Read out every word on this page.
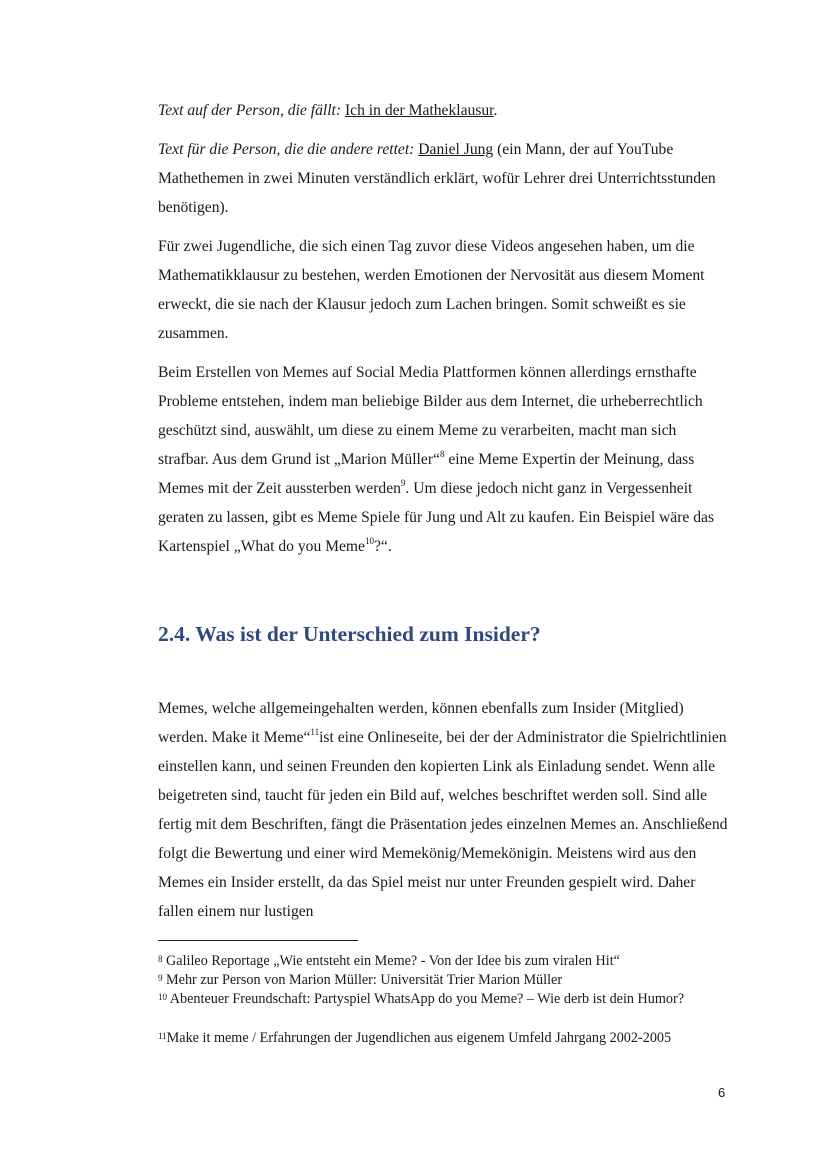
Text auf der Person, die fällt: Ich in der Matheklausur.

Text für die Person, die die andere rettet: Daniel Jung (ein Mann, der auf YouTube Mathethemen in zwei Minuten verständlich erklärt, wofür Lehrer drei Unterrichtsstunden benötigen).

Für zwei Jugendliche, die sich einen Tag zuvor diese Videos angesehen haben, um die Mathematikklausur zu bestehen, werden Emotionen der Nervosität aus diesem Moment erweckt, die sie nach der Klausur jedoch zum Lachen bringen. Somit schweißt es sie zusammen.

Beim Erstellen von Memes auf Social Media Plattformen können allerdings ernsthafte Probleme entstehen, indem man beliebige Bilder aus dem Internet, die urheberrechtlich geschützt sind, auswählt, um diese zu einem Meme zu verarbeiten, macht man sich strafbar. Aus dem Grund ist „Marion Müller“$^8$ eine Meme Expertin der Meinung, dass Memes mit der Zeit aussterben werden$^9$. Um diese jedoch nicht ganz in Vergessenheit geraten zu lassen, gibt es Meme Spiele für Jung und Alt zu kaufen. Ein Beispiel wäre das Kartenspiel „What do you Meme$^{10}$?“.

2.4. Was ist der Unterschied zum Insider?

Memes, welche allgemeingehalten werden, können ebenfalls zum Insider (Mitglied) werden. Make it Meme“$^{11}$ist eine Onlineseite, bei der der Administrator die Spielrichtlinien einstellen kann, und seinen Freunden den kopierten Link als Einladung sendet. Wenn alle beigetreten sind, taucht für jeden ein Bild auf, welches beschriftet werden soll. Sind alle fertig mit dem Beschriften, fängt die Präsentation jedes einzelnen Memes an. Anschließend folgt die Bewertung und einer wird Memekönig/Memekönigin. Meistens wird aus den Memes ein Insider erstellt, da das Spiel meist nur unter Freunden gespielt wird. Daher fallen einem nur lustigen

$^8$ Galileo Reportage „Wie entsteht ein Meme? - Von der Idee bis zum viralen Hit“

$^9$ Mehr zur Person von Marion Müller: Universität Trier Marion Müller

$^{10}$ Abenteuer Freundschaft: Partyspiel WhatsApp do you Meme? – Wie derb ist dein Humor?

$^{11}$Make it meme / Erfahrungen der Jugendlichen aus eigenem Umfeld Jahrgang 2002-2005

6
